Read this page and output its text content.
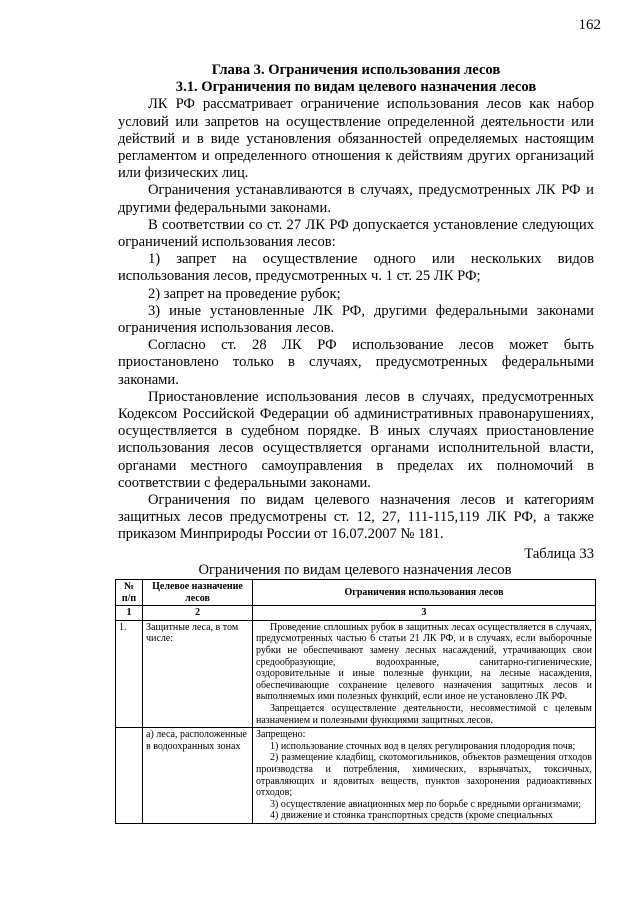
162

Глава 3. Ограничения использования лесов

3.1. Ограничения по видам целевого назначения лесов

ЛК РФ рассматривает ограничение использования лесов как набор условий или запретов на осуществление определенной деятельности или действий и в виде установления обязанностей определяемых настоящим регламентом и определенного отношения к действиям других организаций или физических лиц.

Ограничения устанавливаются в случаях, предусмотренных ЛК РФ и другими федеральными законами.

В соответствии со ст. 27 ЛК РФ допускается установление следующих ограничений использования лесов:

1) запрет на осуществление одного или нескольких видов использования лесов, предусмотренных ч. 1 ст. 25 ЛК РФ;

2) запрет на проведение рубок;

3) иные установленные ЛК РФ, другими федеральными законами ограничения использования лесов.

Согласно ст. 28 ЛК РФ использование лесов может быть приостановлено только в случаях, предусмотренных федеральными законами.

Приостановление использования лесов в случаях, предусмотренных Кодексом Российской Федерации об административных правонарушениях, осуществляется в судебном порядке. В иных случаях приостановление использования лесов осуществляется органами исполнительной власти, органами местного самоуправления в пределах их полномочий в соответствии с федеральными законами.

Ограничения по видам целевого назначения лесов и категориям защитных лесов предусмотрены ст. 12, 27, 111-115,119 ЛК РФ, а также приказом Минприроды России от 16.07.2007 № 181.

Таблица 33
Ограничения по видам целевого назначения лесов
№ п/п	Целевое назначение лесов	Ограничения использования лесов
1	2	3
1.	Защитные леса, в том числе:	Проведение сплошных рубок в защитных лесах осуществляется в случаях, предусмотренных частью 6 статьи 21 ЛК РФ, и в случаях, если выборочные рубки не обеспечивают замену лесных насаждений, утрачивающих свои средообразующие, водоохранные, санитарно-гигиенические, оздоровительные и иные полезные функции, на лесные насаждения, обеспечивающие сохранение целевого назначения защитных лесов и выполняемых ими полезных функций, если иное не установлено ЛК РФ.

Запрещается осуществление деятельности, несовместимой с целевым назначением и полезными функциями защитных лесов.

	а) леса, расположенные в водоохранных зонах	Запрещено:

1) использование сточных вод в целях регулирования плодородия почв;

2) размещение кладбищ, скотомогильников, объектов размещения отходов производства и потребления, химических, взрывчатых, токсичных, отравляющих и ядовитых веществ, пунктов захоронения радиоактивных отходов;

3) осуществление авиационных мер по борьбе с вредными организмами;

4) движение и стоянка транспортных средств (кроме специальных
